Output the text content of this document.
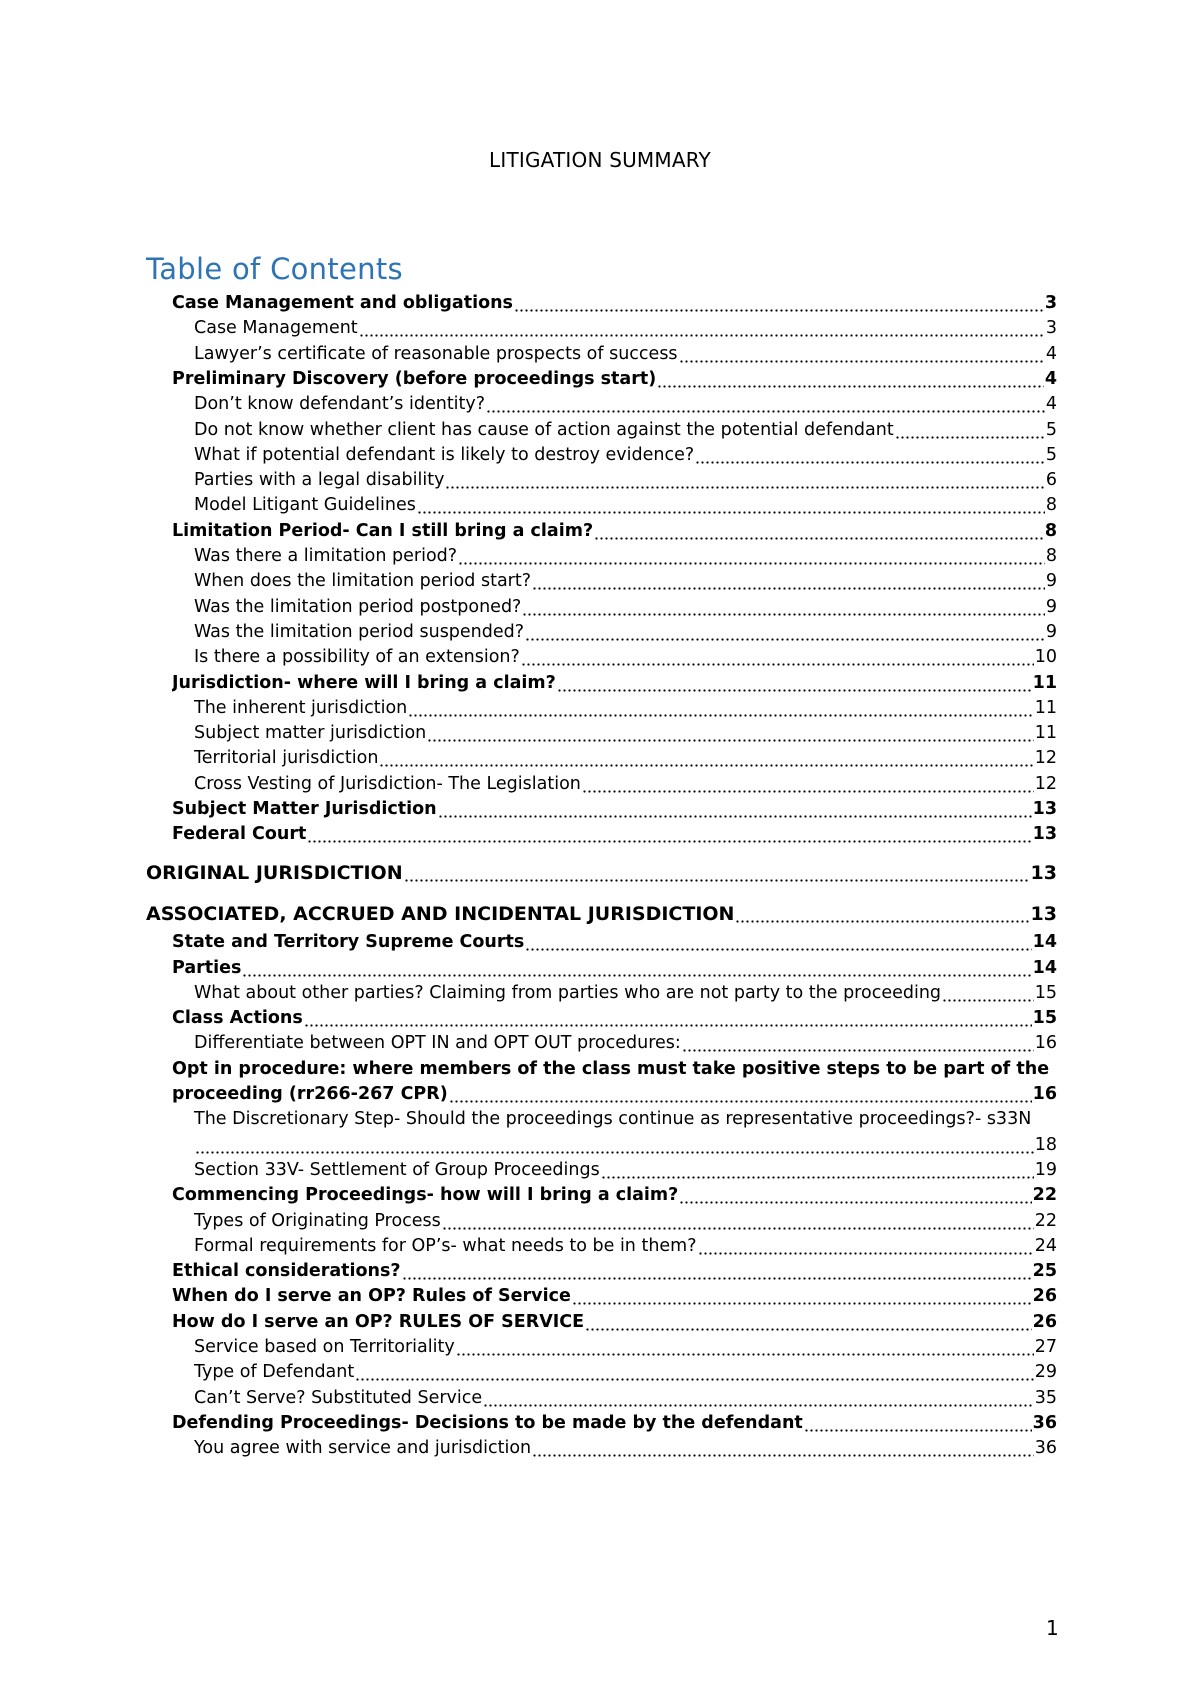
LITIGATION SUMMARY
Table of Contents
Case Management and obligations	3
Case Management	3
Lawyer’s certificate of reasonable prospects of success	4
Preliminary Discovery (before proceedings start)	4
Don’t know defendant’s identity?	4
Do not know whether client has cause of action against the potential defendant	5
What if potential defendant is likely to destroy evidence?	5
Parties with a legal disability	6
Model Litigant Guidelines	8
Limitation Period- Can I still bring a claim?	8
Was there a limitation period?	8
When does the limitation period start?	9
Was the limitation period postponed?	9
Was the limitation period suspended?	9
Is there a possibility of an extension?	10
Jurisdiction- where will I bring a claim?	11
The inherent jurisdiction	11
Subject matter jurisdiction	11
Territorial jurisdiction	12
Cross Vesting of Jurisdiction- The Legislation	12
Subject Matter Jurisdiction	13
Federal Court	13
ORIGINAL JURISDICTION	13
ASSOCIATED, ACCRUED AND INCIDENTAL JURISDICTION	13
State and Territory Supreme Courts	14
Parties	14
What about other parties? Claiming from parties who are not party to the proceeding	15
Class Actions	15
Differentiate between OPT IN and OPT OUT procedures:	16
Opt in procedure: where members of the class must take positive steps to be part of the
proceeding (rr266-267 CPR)	16
The Discretionary Step- Should the proceedings continue as representative proceedings?- s33N
18
Section 33V- Settlement of Group Proceedings	19
Commencing Proceedings- how will I bring a claim?	22
Types of Originating Process	22
Formal requirements for OP’s- what needs to be in them?	24
Ethical considerations?	25
When do I serve an OP? Rules of Service	26
How do I serve an OP? RULES OF SERVICE	26
Service based on Territoriality	27
Type of Defendant	29
Can’t Serve? Substituted Service	35
Defending Proceedings- Decisions to be made by the defendant	36
You agree with service and jurisdiction	36
1
